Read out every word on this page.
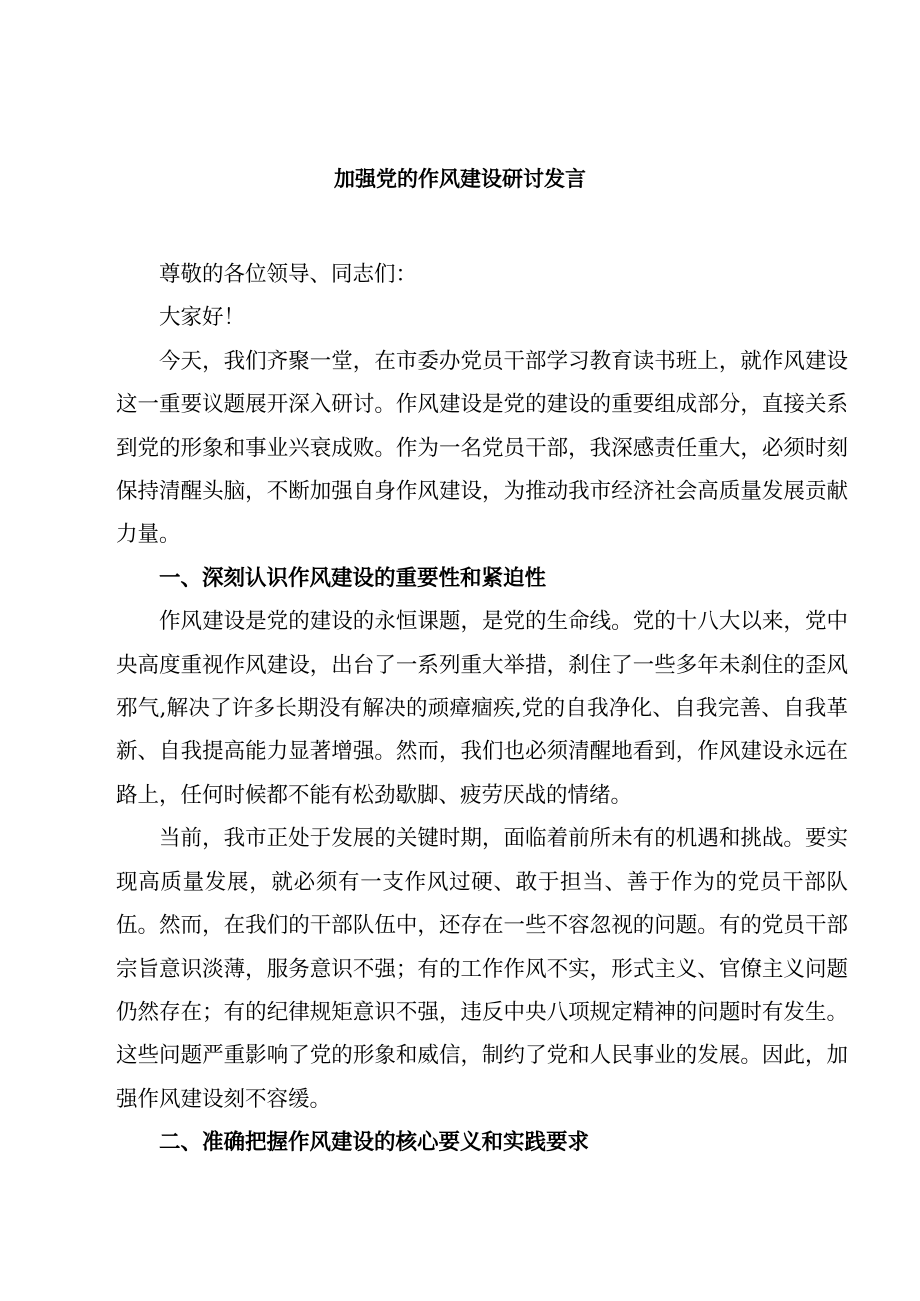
加强党的作风建设研讨发言

尊敬的各位领导、同志们：

大家好！

今天，我们齐聚一堂，在市委办党员干部学习教育读书班上，就作风建设这一重要议题展开深入研讨。作风建设是党的建设的重要组成部分，直接关系到党的形象和事业兴衰成败。作为一名党员干部，我深感责任重大，必须时刻保持清醒头脑，不断加强自身作风建设，为推动我市经济社会高质量发展贡献力量。

一、深刻认识作风建设的重要性和紧迫性

作风建设是党的建设的永恒课题，是党的生命线。党的十八大以来，党中央高度重视作风建设，出台了一系列重大举措，刹住了一些多年未刹住的歪风邪气,解决了许多长期没有解决的顽瘴痼疾,党的自我净化、自我完善、自我革新、自我提高能力显著增强。然而，我们也必须清醒地看到，作风建设永远在路上，任何时候都不能有松劲歇脚、疲劳厌战的情绪。

当前，我市正处于发展的关键时期，面临着前所未有的机遇和挑战。要实现高质量发展，就必须有一支作风过硬、敢于担当、善于作为的党员干部队伍。然而，在我们的干部队伍中，还存在一些不容忽视的问题。有的党员干部宗旨意识淡薄，服务意识不强；有的工作作风不实，形式主义、官僚主义问题仍然存在；有的纪律规矩意识不强，违反中央八项规定精神的问题时有发生。这些问题严重影响了党的形象和威信，制约了党和人民事业的发展。因此，加强作风建设刻不容缓。

二、准确把握作风建设的核心要义和实践要求
